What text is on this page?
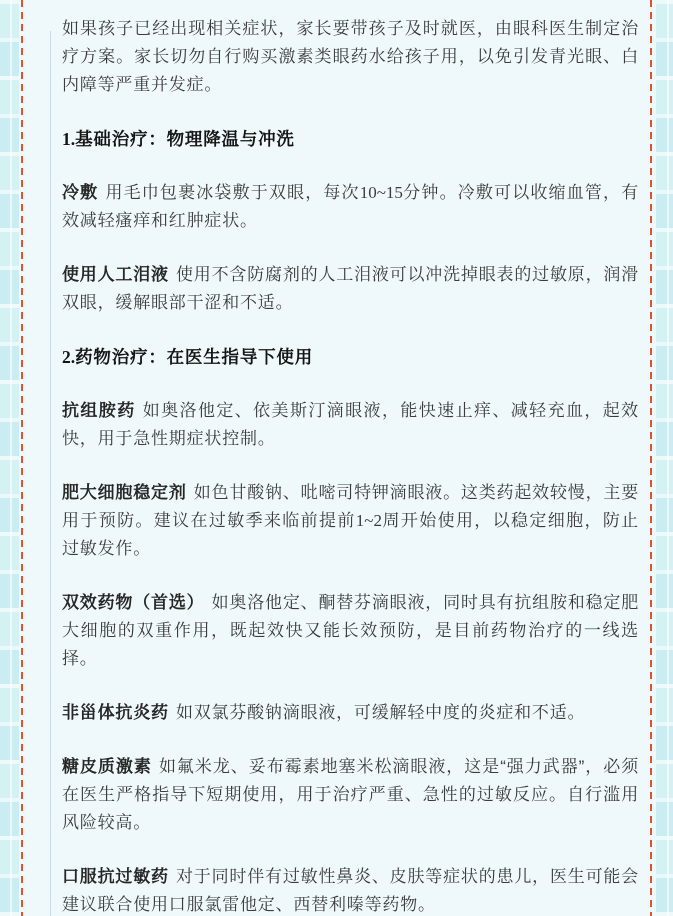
如果孩子已经出现相关症状，家长要带孩子及时就医，由眼科医生制定治疗方案。家长切勿自行购买激素类眼药水给孩子用，以免引发青光眼、白内障等严重并发症。

1.基础治疗：物理降温与冲洗

冷敷 用毛巾包裹冰袋敷于双眼，每次10~15分钟。冷敷可以收缩血管，有效减轻瘙痒和红肿症状。

使用人工泪液 使用不含防腐剂的人工泪液可以冲洗掉眼表的过敏原，润滑双眼，缓解眼部干涩和不适。

2.药物治疗：在医生指导下使用

抗组胺药 如奥洛他定、依美斯汀滴眼液，能快速止痒、减轻充血，起效快，用于急性期症状控制。

肥大细胞稳定剂 如色甘酸钠、吡嘧司特钾滴眼液。这类药起效较慢，主要用于预防。建议在过敏季来临前提前1~2周开始使用，以稳定细胞，防止过敏发作。

双效药物（首选） 如奥洛他定、酮替芬滴眼液，同时具有抗组胺和稳定肥大细胞的双重作用，既起效快又能长效预防，是目前药物治疗的一线选择。

非甾体抗炎药 如双氯芬酸钠滴眼液，可缓解轻中度的炎症和不适。

糖皮质激素 如氟米龙、妥布霉素地塞米松滴眼液，这是“强力武器”，必须在医生严格指导下短期使用，用于治疗严重、急性的过敏反应。自行滥用风险较高。

口服抗过敏药 对于同时伴有过敏性鼻炎、皮肤等症状的患儿，医生可能会建议联合使用口服氯雷他定、西替利嗪等药物。
